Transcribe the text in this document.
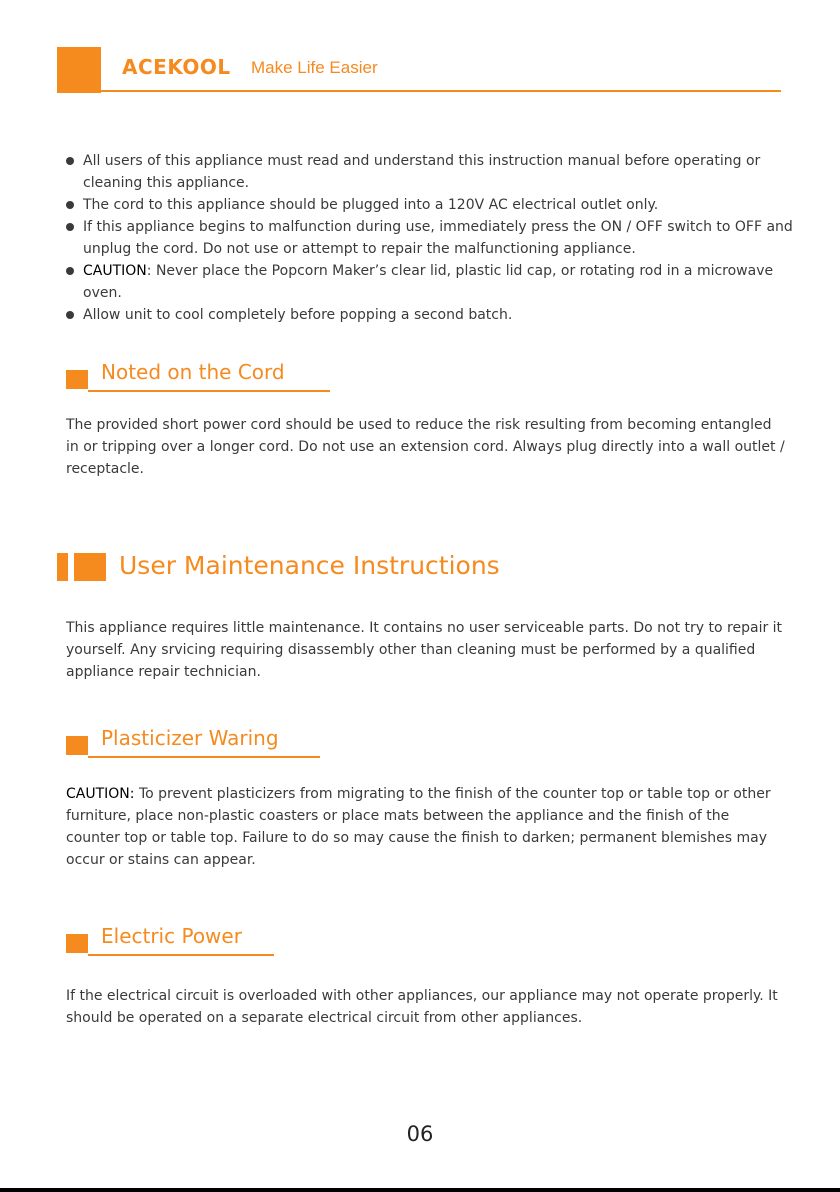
ACEKOOL Make Life Easier
All users of this appliance must read and understand this instruction manual before operating or cleaning this appliance.
The cord to this appliance should be plugged into a 120V AC electrical outlet only.
If this appliance begins to malfunction during use, immediately press the ON / OFF switch to OFF and unplug the cord. Do not use or attempt to repair the malfunctioning appliance.
CAUTION: Never place the Popcorn Maker’s clear lid, plastic lid cap, or rotating rod in a microwave oven.
Allow unit to cool completely before popping a second batch.
Noted on the Cord

The provided short power cord should be used to reduce the risk resulting from becoming entangled in or tripping over a longer cord. Do not use an extension cord. Always plug directly into a wall outlet / receptacle.

User Maintenance Instructions

This appliance requires little maintenance. It contains no user serviceable parts. Do not try to repair it yourself. Any srvicing requiring disassembly other than cleaning must be performed by a qualified appliance repair technician.

Plasticizer Waring

CAUTION: To prevent plasticizers from migrating to the finish of the counter top or table top or other furniture, place non-plastic coasters or place mats between the appliance and the finish of the counter top or table top. Failure to do so may cause the finish to darken; permanent blemishes may occur or stains can appear.

Electric Power

If the electrical circuit is overloaded with other appliances, our appliance may not operate properly. It should be operated on a separate electrical circuit from other appliances.

06
